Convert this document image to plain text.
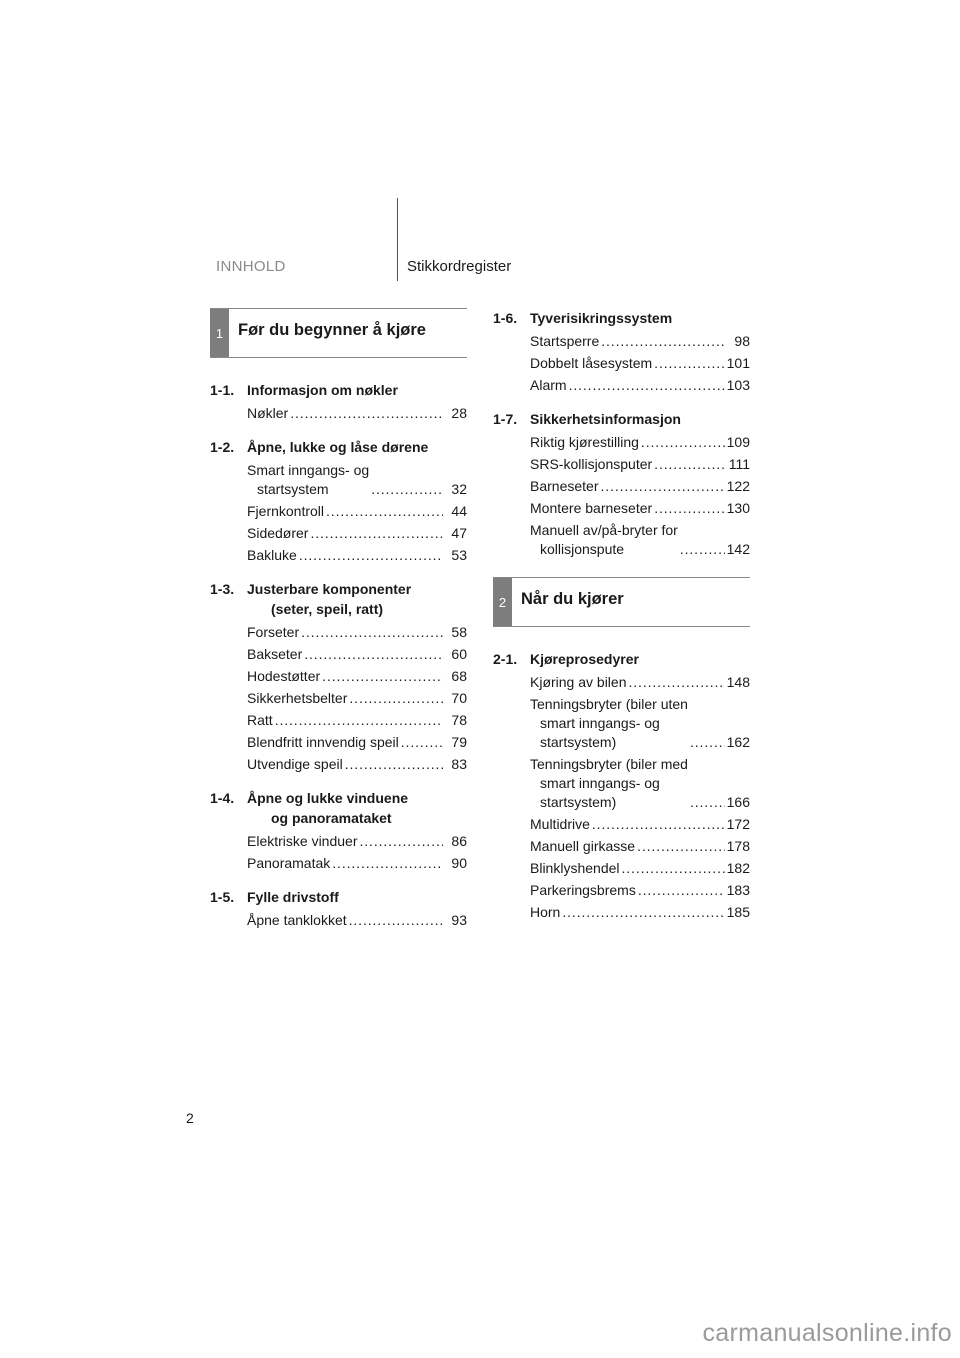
INNHOLD	Stikkordregister
1 Før du begynner å kjøre
1-1. Informasjon om nøkler
Nøkler . . .	28
1-2. Åpne, lukke og låse dørene
Smart inngangs- og
startsystem . . .	32
Fjernkontroll . . .	44
Sidedører . . .	47
Bakluke . . .	53
1-3. Justerbare komponenter
(seter, speil, ratt)
Forseter . . .	58
Bakseter . . .	60
Hodestøtter . . .	68
Sikkerhetsbelter . . .	70
Ratt . . .	78
Blendfritt innvendig speil . . .	79
Utvendige speil . . .	83
1-4. Åpne og lukke vinduene
og panoramataket
Elektriske vinduer . . .	86
Panoramatak . . .	90
1-5. Fylle drivstoff
Åpne tanklokket . . .	93
1-6. Tyverisikringssystem
Startsperre . . .	98
Dobbelt låsesystem . . .	101
Alarm . . .	103
1-7. Sikkerhetsinformasjon
Riktig kjørestilling . . .	109
SRS-kollisjonsputer . . .	111
Barneseter . . .	122
Montere barneseter . . .	130
Manuell av/på-bryter for
kollisjonspute . . .	142
2 Når du kjører
2-1. Kjøreprosedyrer
Kjøring av bilen . . .	148
Tenningsbryter (biler uten
smart inngangs- og
startsystem) . . .	162
Tenningsbryter (biler med
smart inngangs- og
startsystem) . . .	166
Multidrive . . .	172
Manuell girkasse . . .	178
Blinklyshendel . . .	182
Parkeringsbrems . . .	183
Horn . . .	185
2
carmanualsonline.info
